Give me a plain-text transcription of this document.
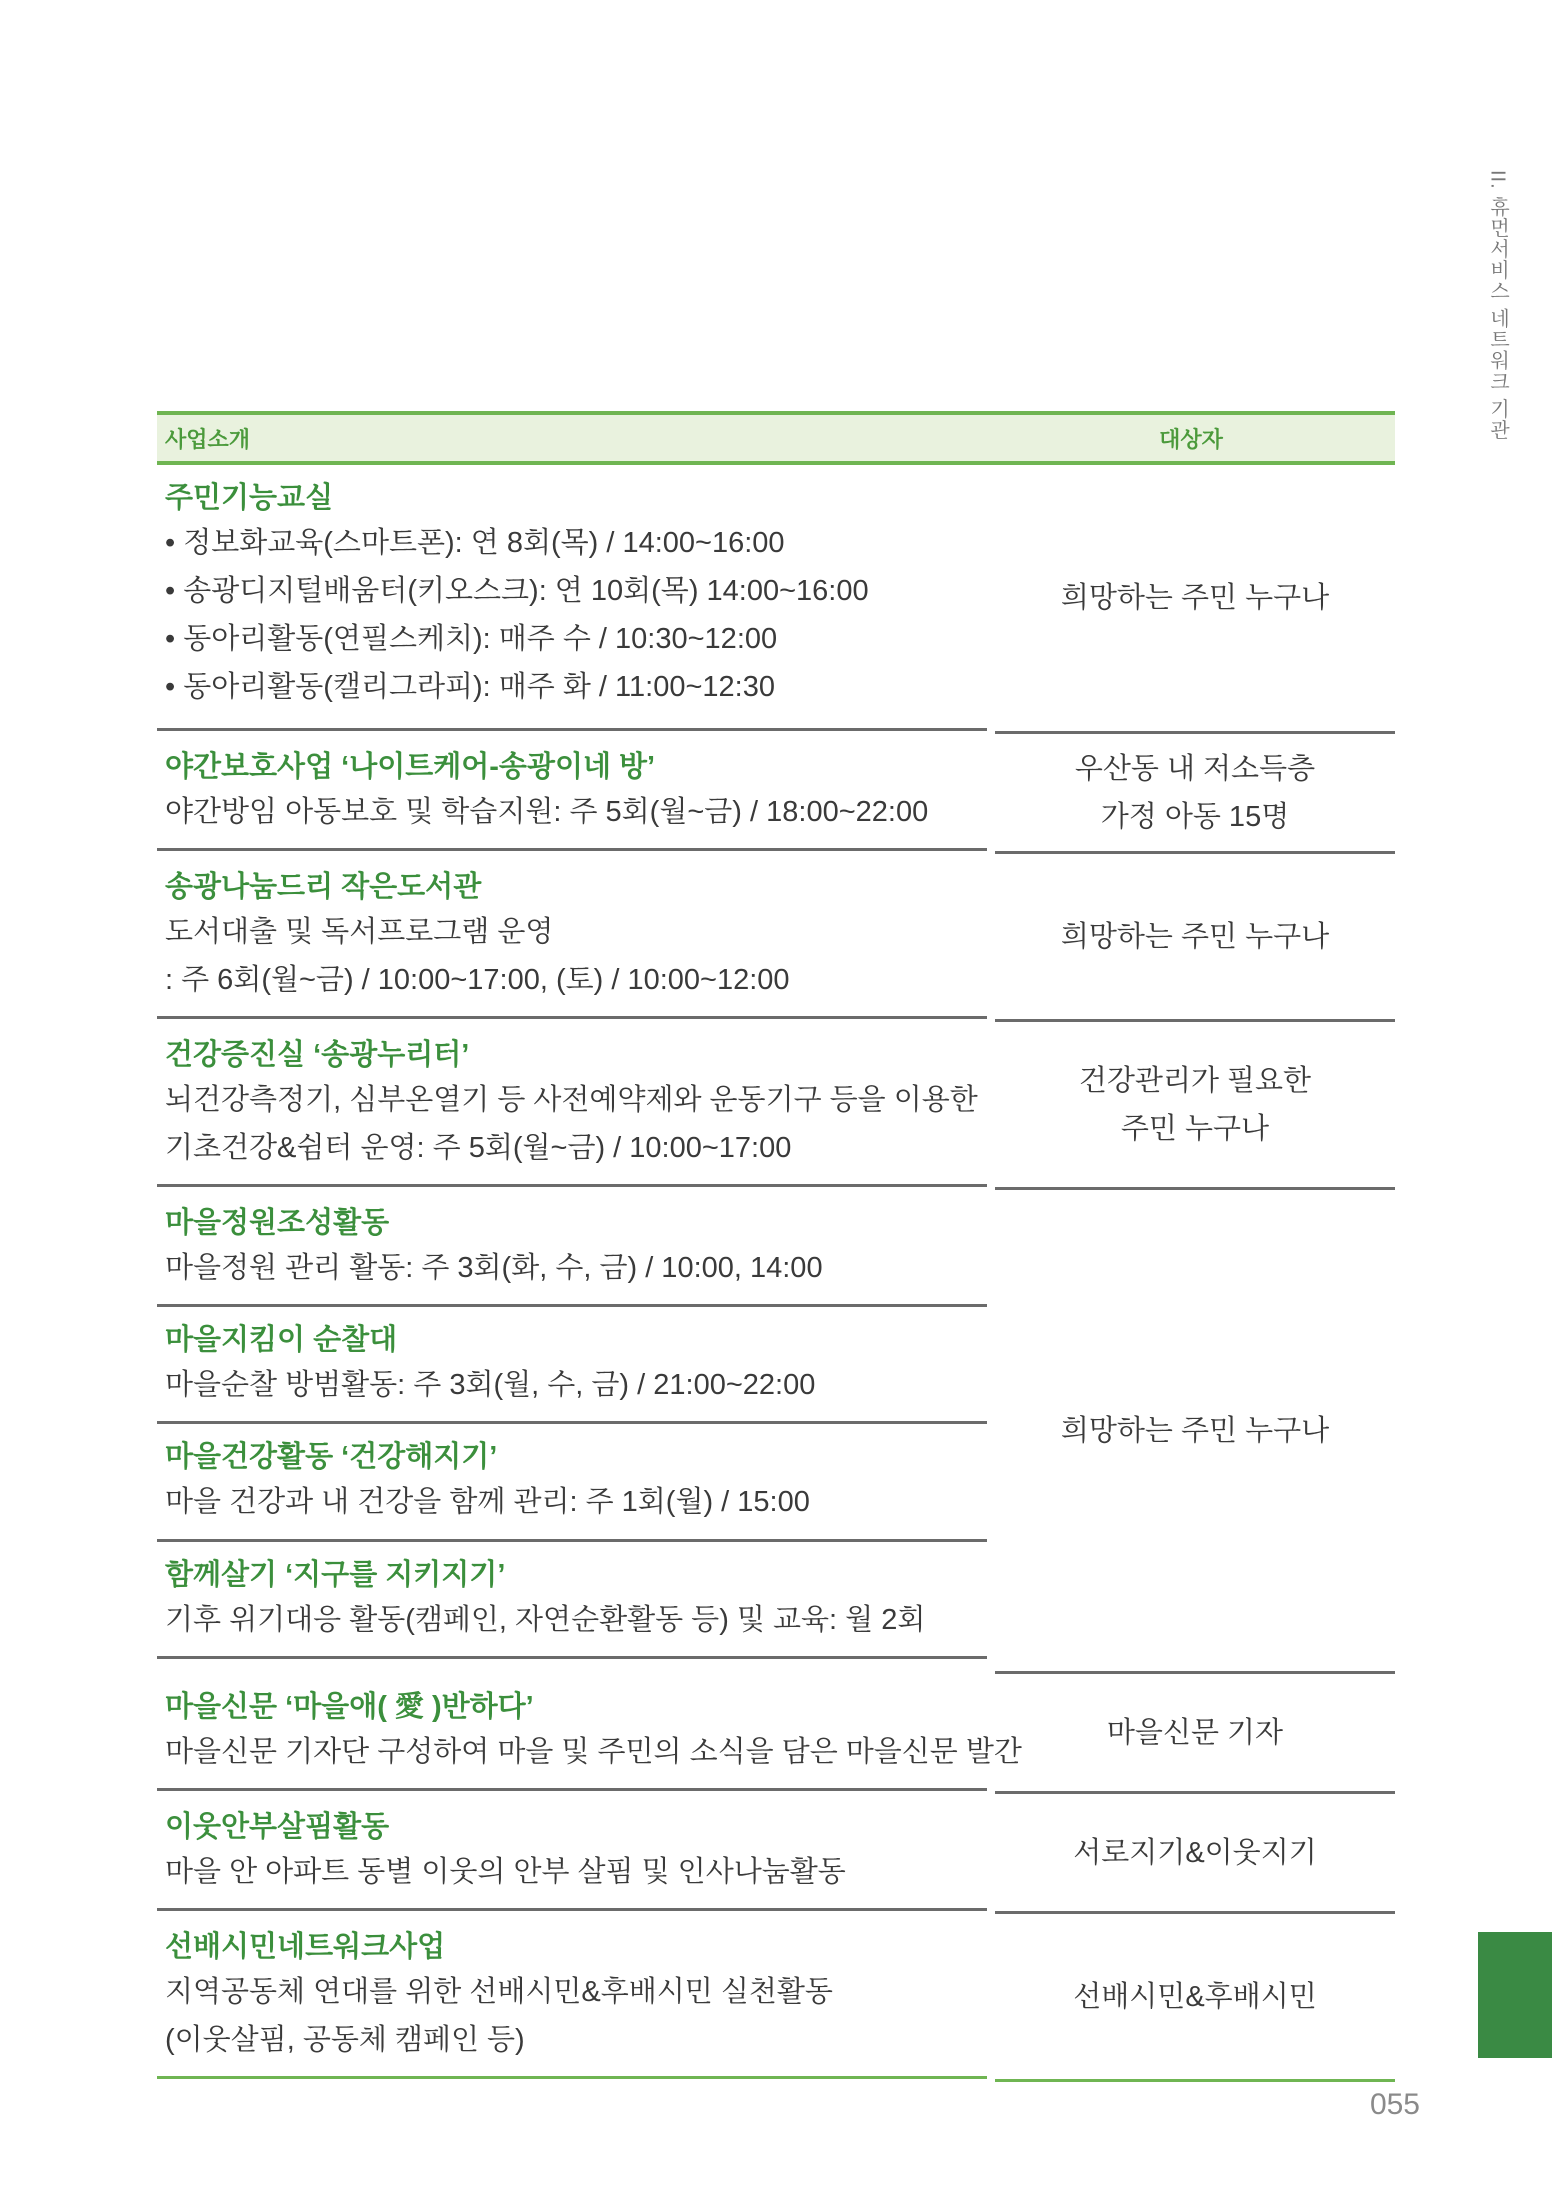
II. 휴먼서비스 네트워크 기관
055
사업소개	대상자
주민기능교실
• 정보화교육(스마트폰): 연 8회(목) / 14:00~16:00
• 송광디지털배움터(키오스크): 연 10회(목) 14:00~16:00
• 동아리활동(연필스케치): 매주 수 / 10:30~12:00
• 동아리활동(캘리그라피): 매주 화 / 11:00~12:30
희망하는 주민 누구나
야간보호사업 ‘나이트케어-송광이네 방’
야간방임 아동보호 및 학습지원: 주 5회(월~금) / 18:00~22:00
우산동 내 저소득층
가정 아동 15명
송광나눔드리 작은도서관
도서대출 및 독서프로그램 운영
: 주 6회(월~금) / 10:00~17:00, (토) / 10:00~12:00
희망하는 주민 누구나
건강증진실 ‘송광누리터’
뇌건강측정기, 심부온열기 등 사전예약제와 운동기구 등을 이용한
기초건강&쉼터 운영: 주 5회(월~금) / 10:00~17:00
건강관리가 필요한
주민 누구나
마을정원조성활동
마을정원 관리 활동: 주 3회(화, 수, 금) / 10:00, 14:00
마을지킴이 순찰대
마을순찰 방범활동: 주 3회(월, 수, 금) / 21:00~22:00
마을건강활동 ‘건강해지기’
마을 건강과 내 건강을 함께 관리: 주 1회(월) / 15:00
함께살기 ‘지구를 지키지기’
기후 위기대응 활동(캠페인, 자연순환활동 등) 및 교육: 월 2회
희망하는 주민 누구나
마을신문 ‘마을애( 愛 )반하다’
마을신문 기자단 구성하여 마을 및 주민의 소식을 담은 마을신문 발간
마을신문 기자
이웃안부살핌활동
마을 안 아파트 동별 이웃의 안부 살핌 및 인사나눔활동
서로지기&이웃지기
선배시민네트워크사업
지역공동체 연대를 위한 선배시민&후배시민 실천활동
(이웃살핌, 공동체 캠페인 등)
선배시민&후배시민
